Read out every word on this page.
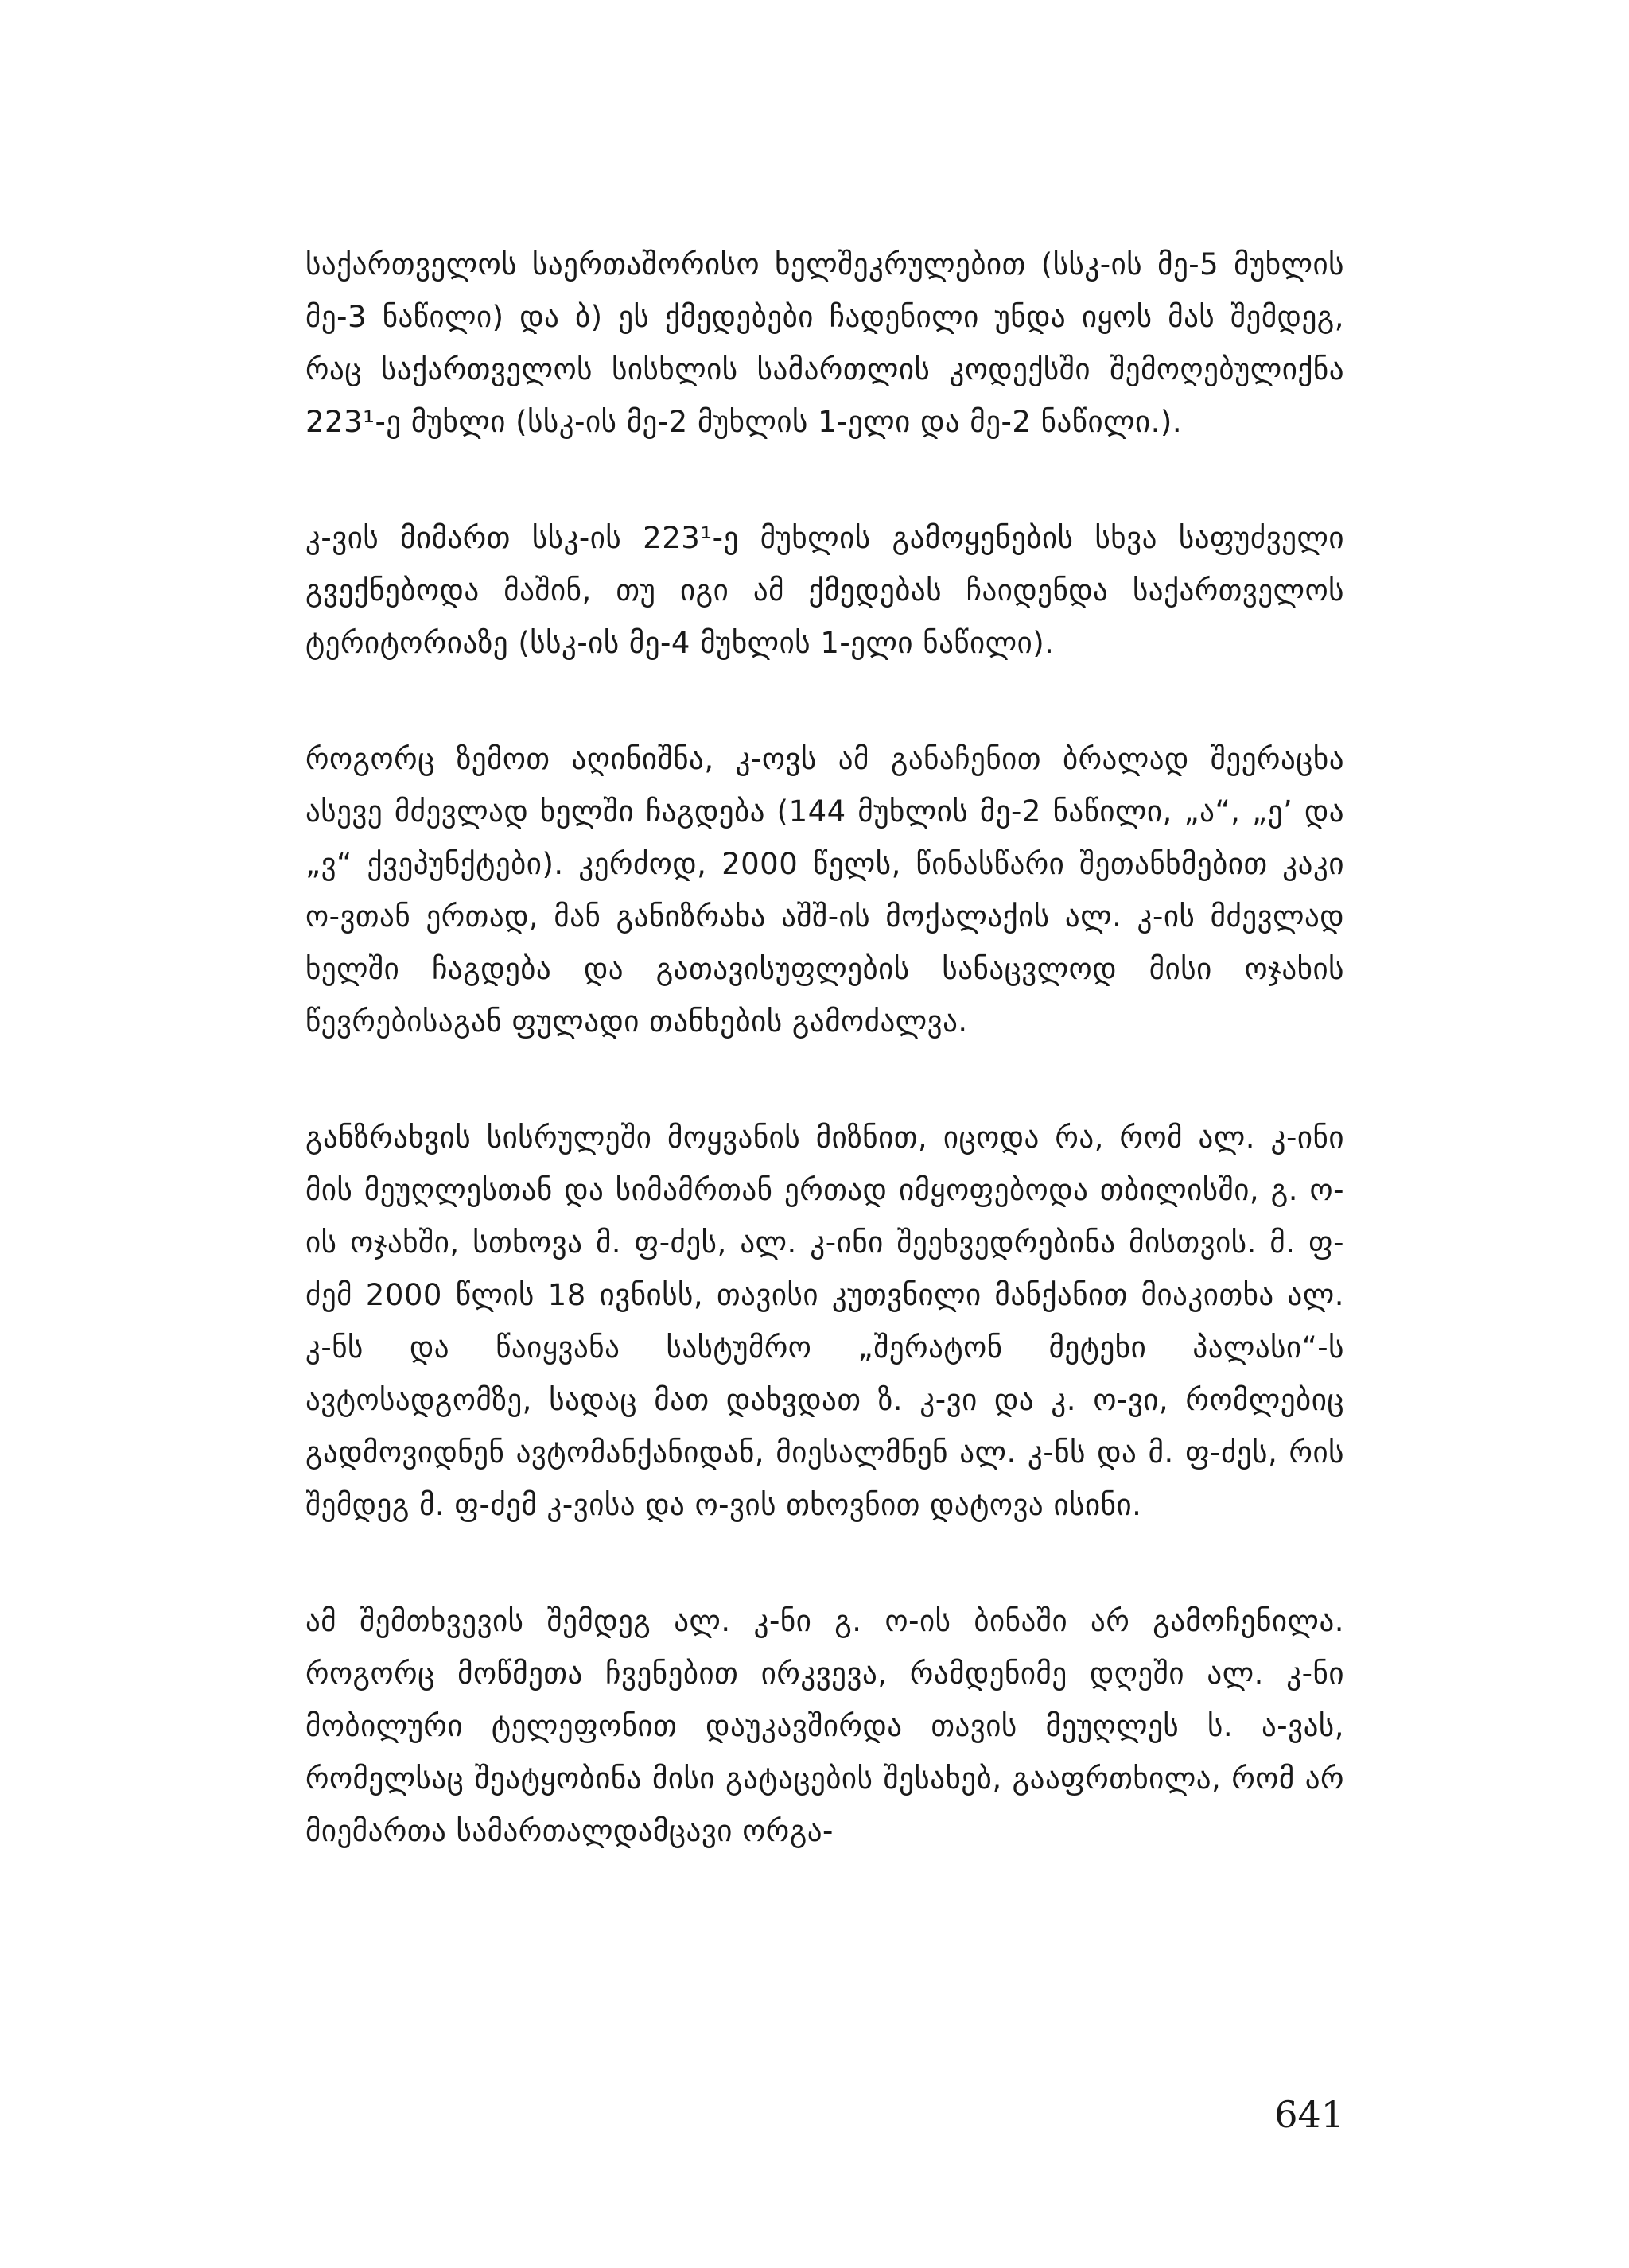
საქართველოს საერთაშორისო ხელშეკრულებით (სსკ-ის მე-5 მუხლის მე-3 ნაწილი) და ბ) ეს ქმედებები ჩადენილი უნდა იყოს მას შემდეგ, რაც საქართველოს სისხლის სამართლის კოდექსში შემოღებულიქნა 223¹-ე მუხლი (სსკ-ის მე-2 მუხლის 1-ელი და მე-2 ნაწილი.).

კ-ვის მიმართ სსკ-ის 223¹-ე მუხლის გამოყენების სხვა საფუძველი გვექნებოდა მაშინ, თუ იგი ამ ქმედებას ჩაიდენდა საქართველოს ტერიტორიაზე (სსკ-ის მე-4 მუხლის 1-ელი ნაწილი).

როგორც ზემოთ აღინიშნა, კ-ოვს ამ განაჩენით ბრალად შეერაცხა ასევე მძევლად ხელში ჩაგდება (144 მუხლის მე-2 ნაწილი, „ა“, „ე’ და „ვ“ ქვეპუნქტები). კერძოდ, 2000 წელს, წინასწარი შეთანხმებით კაკი ო-ვთან ერთად, მან განიზრახა აშშ-ის მოქალაქის ალ. კ-ის მძევლად ხელში ჩაგდება და გათავისუფლების სანაცვლოდ მისი ოჯახის წევრებისაგან ფულადი თანხების გამოძალვა.

განზრახვის სისრულეში მოყვანის მიზნით, იცოდა რა, რომ ალ. კ-ინი მის მეუღლესთან და სიმამრთან ერთად იმყოფებოდა თბილისში, გ. ო-ის ოჯახში, სთხოვა მ. ფ-ძეს, ალ. კ-ინი შეეხვედრებინა მისთვის. მ. ფ-ძემ 2000 წლის 18 ივნისს, თავისი კუთვნილი მანქანით მიაკითხა ალ. კ-ნს და წაიყვანა სასტუმრო „შერატონ მეტეხი პალასი“-ს ავტოსადგომზე, სადაც მათ დახვდათ ზ. კ-ვი და კ. ო-ვი, რომლებიც გადმოვიდნენ ავტომანქანიდან, მიესალმნენ ალ. კ-ნს და მ. ფ-ძეს, რის შემდეგ მ. ფ-ძემ კ-ვისა და ო-ვის თხოვნით დატოვა ისინი.

ამ შემთხვევის შემდეგ ალ. კ-ნი გ. ო-ის ბინაში არ გამოჩენილა. როგორც მოწმეთა ჩვენებით ირკვევა, რამდენიმე დღეში ალ. კ-ნი მობილური ტელეფონით დაუკავშირდა თავის მეუღლეს ს. ა-ვას, რომელსაც შეატყობინა მისი გატაცების შესახებ, გააფრთხილა, რომ არ მიემართა სამართალდამცავი ორგა-

641
